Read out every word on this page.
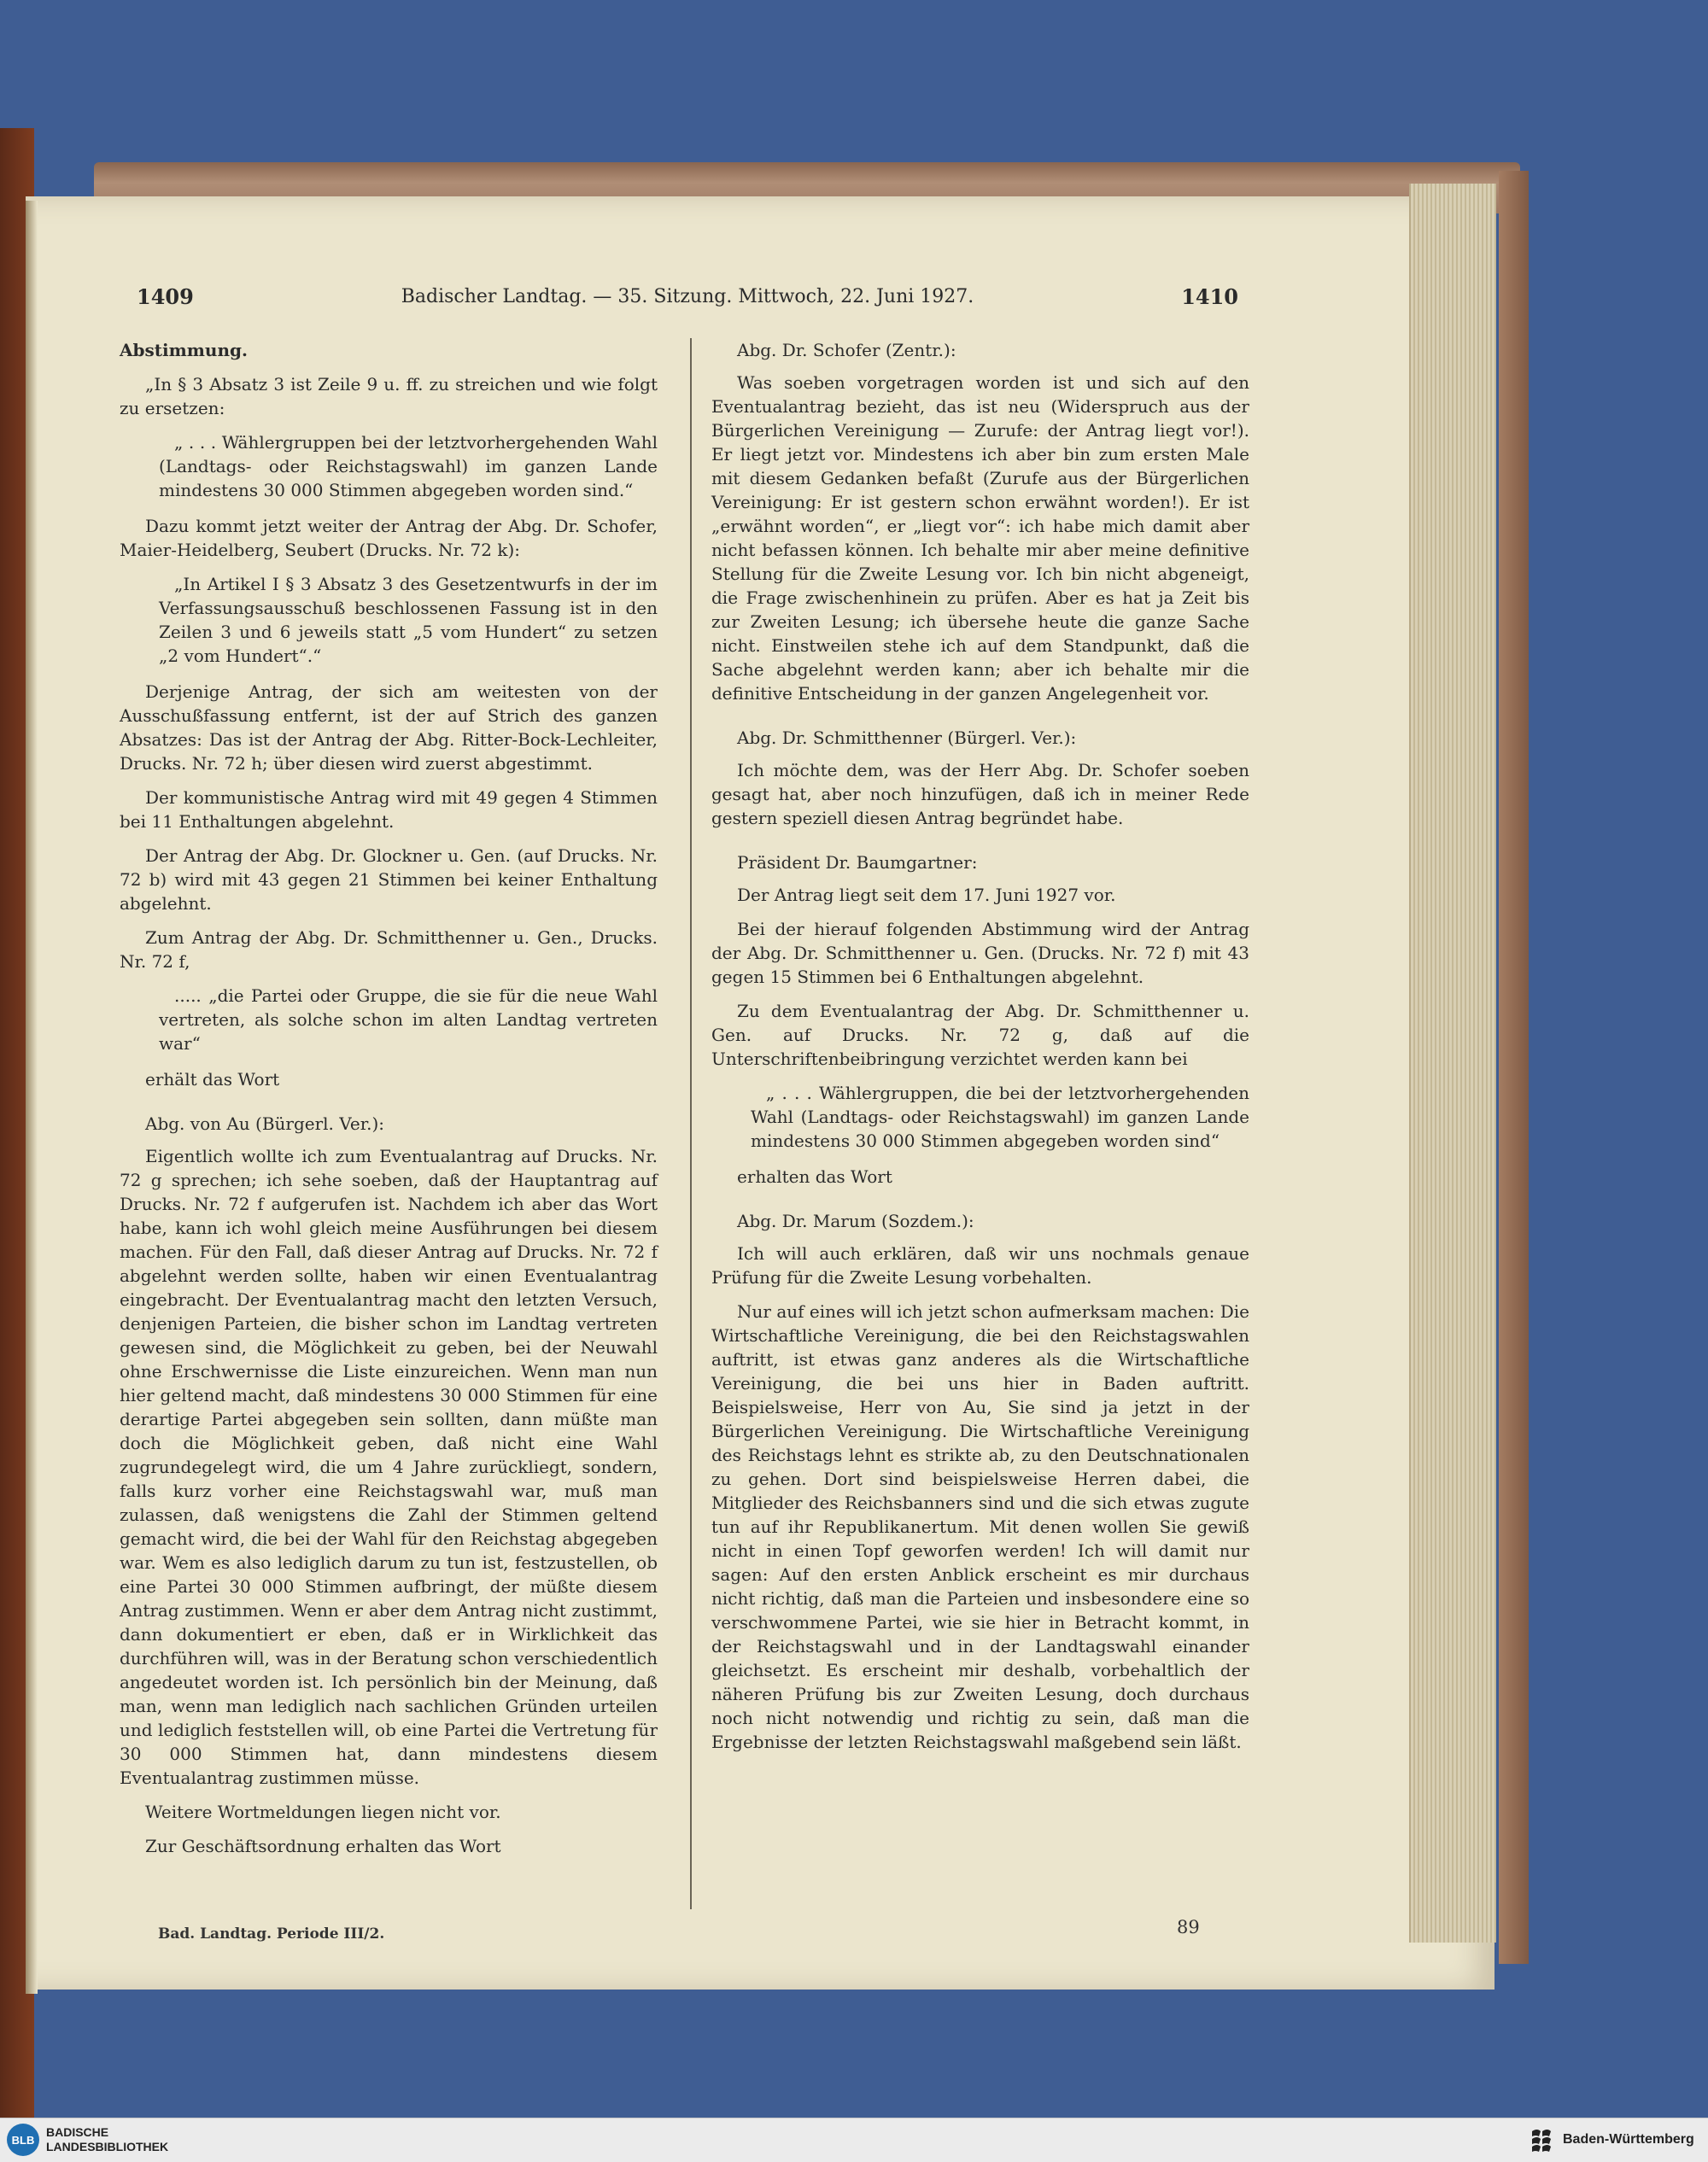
1409	Badischer Landtag. — 35. Sitzung. Mittwoch, 22. Juni 1927.	1410

Abstimmung.

„In § 3 Absatz 3 ist Zeile 9 u. ff. zu streichen und wie folgt zu ersetzen:

„ . . . Wählergruppen bei der letztvorhergehenden Wahl (Landtags- oder Reichstagswahl) im ganzen Lande mindestens 30 000 Stimmen abgegeben worden sind.“

Dazu kommt jetzt weiter der Antrag der Abg. Dr. Schofer, Maier-Heidelberg, Seubert (Drucks. Nr. 72 k):

„In Artikel I § 3 Absatz 3 des Gesetzentwurfs in der im Verfassungsausschuß beschlossenen Fassung ist in den Zeilen 3 und 6 jeweils statt „5 vom Hundert“ zu setzen „2 vom Hundert“.“

Derjenige Antrag, der sich am weitesten von der Ausschußfassung entfernt, ist der auf Strich des ganzen Absatzes: Das ist der Antrag der Abg. Ritter-Bock-Lechleiter, Drucks. Nr. 72 h; über diesen wird zuerst abgestimmt.

Der kommunistische Antrag wird mit 49 gegen 4 Stimmen bei 11 Enthaltungen abgelehnt.

Der Antrag der Abg. Dr. Glockner u. Gen. (auf Drucks. Nr. 72 b) wird mit 43 gegen 21 Stimmen bei keiner Enthaltung abgelehnt.

Zum Antrag der Abg. Dr. Schmitthenner u. Gen., Drucks. Nr. 72 f,

..... „die Partei oder Gruppe, die sie für die neue Wahl vertreten, als solche schon im alten Landtag vertreten war“

erhält das Wort

Abg. von Au (Bürgerl. Ver.):

Eigentlich wollte ich zum Eventualantrag auf Drucks. Nr. 72 g sprechen; ich sehe soeben, daß der Hauptantrag auf Drucks. Nr. 72 f aufgerufen ist. Nachdem ich aber das Wort habe, kann ich wohl gleich meine Ausführungen bei diesem machen. Für den Fall, daß dieser Antrag auf Drucks. Nr. 72 f abgelehnt werden sollte, haben wir einen Eventualantrag eingebracht. Der Eventualantrag macht den letzten Versuch, denjenigen Parteien, die bisher schon im Landtag vertreten gewesen sind, die Möglichkeit zu geben, bei der Neuwahl ohne Erschwernisse die Liste einzureichen. Wenn man nun hier geltend macht, daß mindestens 30 000 Stimmen für eine derartige Partei abgegeben sein sollten, dann müßte man doch die Möglichkeit geben, daß nicht eine Wahl zugrundegelegt wird, die um 4 Jahre zurückliegt, sondern, falls kurz vorher eine Reichstagswahl war, muß man zulassen, daß wenigstens die Zahl der Stimmen geltend gemacht wird, die bei der Wahl für den Reichstag abgegeben war. Wem es also lediglich darum zu tun ist, festzustellen, ob eine Partei 30 000 Stimmen aufbringt, der müßte diesem Antrag zustimmen. Wenn er aber dem Antrag nicht zustimmt, dann dokumentiert er eben, daß er in Wirklichkeit das durchführen will, was in der Beratung schon verschiedentlich angedeutet worden ist. Ich persönlich bin der Meinung, daß man, wenn man lediglich nach sachlichen Gründen urteilen und lediglich feststellen will, ob eine Partei die Vertretung für 30 000 Stimmen hat, dann mindestens diesem Eventualantrag zustimmen müsse.

Weitere Wortmeldungen liegen nicht vor.

Zur Geschäftsordnung erhalten das Wort

Abg. Dr. Schofer (Zentr.):

Was soeben vorgetragen worden ist und sich auf den Eventualantrag bezieht, das ist neu (Widerspruch aus der Bürgerlichen Vereinigung — Zurufe: der Antrag liegt vor!). Er liegt jetzt vor. Mindestens ich aber bin zum ersten Male mit diesem Gedanken befaßt (Zurufe aus der Bürgerlichen Vereinigung: Er ist gestern schon erwähnt worden!). Er ist „erwähnt worden“, er „liegt vor“: ich habe mich damit aber nicht befassen können. Ich behalte mir aber meine definitive Stellung für die Zweite Lesung vor. Ich bin nicht abgeneigt, die Frage zwischenhinein zu prüfen. Aber es hat ja Zeit bis zur Zweiten Lesung; ich übersehe heute die ganze Sache nicht. Einstweilen stehe ich auf dem Standpunkt, daß die Sache abgelehnt werden kann; aber ich behalte mir die definitive Entscheidung in der ganzen Angelegenheit vor.

Abg. Dr. Schmitthenner (Bürgerl. Ver.):

Ich möchte dem, was der Herr Abg. Dr. Schofer soeben gesagt hat, aber noch hinzufügen, daß ich in meiner Rede gestern speziell diesen Antrag begründet habe.

Präsident Dr. Baumgartner:

Der Antrag liegt seit dem 17. Juni 1927 vor.

Bei der hierauf folgenden Abstimmung wird der Antrag der Abg. Dr. Schmitthenner u. Gen. (Drucks. Nr. 72 f) mit 43 gegen 15 Stimmen bei 6 Enthaltungen abgelehnt.

Zu dem Eventualantrag der Abg. Dr. Schmitthenner u. Gen. auf Drucks. Nr. 72 g, daß auf die Unterschriftenbeibringung verzichtet werden kann bei

„ . . . Wählergruppen, die bei der letztvorhergehenden Wahl (Landtags- oder Reichstagswahl) im ganzen Lande mindestens 30 000 Stimmen abgegeben worden sind“

erhalten das Wort

Abg. Dr. Marum (Sozdem.):

Ich will auch erklären, daß wir uns nochmals genaue Prüfung für die Zweite Lesung vorbehalten.

Nur auf eines will ich jetzt schon aufmerksam machen: Die Wirtschaftliche Vereinigung, die bei den Reichstagswahlen auftritt, ist etwas ganz anderes als die Wirtschaftliche Vereinigung, die bei uns hier in Baden auftritt. Beispielsweise, Herr von Au, Sie sind ja jetzt in der Bürgerlichen Vereinigung. Die Wirtschaftliche Vereinigung des Reichstags lehnt es strikte ab, zu den Deutschnationalen zu gehen. Dort sind beispielsweise Herren dabei, die Mitglieder des Reichsbanners sind und die sich etwas zugute tun auf ihr Republikanertum. Mit denen wollen Sie gewiß nicht in einen Topf geworfen werden! Ich will damit nur sagen: Auf den ersten Anblick erscheint es mir durchaus nicht richtig, daß man die Parteien und insbesondere eine so verschwommene Partei, wie sie hier in Betracht kommt, in der Reichstagswahl und in der Landtagswahl einander gleichsetzt. Es erscheint mir deshalb, vorbehaltlich der näheren Prüfung bis zur Zweiten Lesung, doch durchaus noch nicht notwendig und richtig zu sein, daß man die Ergebnisse der letzten Reichstagswahl maßgebend sein läßt.

Bad. Landtag. Periode III/2.	89
BLB
BADISCHE
LANDESBIBLIOTHEK	Baden-Württemberg
